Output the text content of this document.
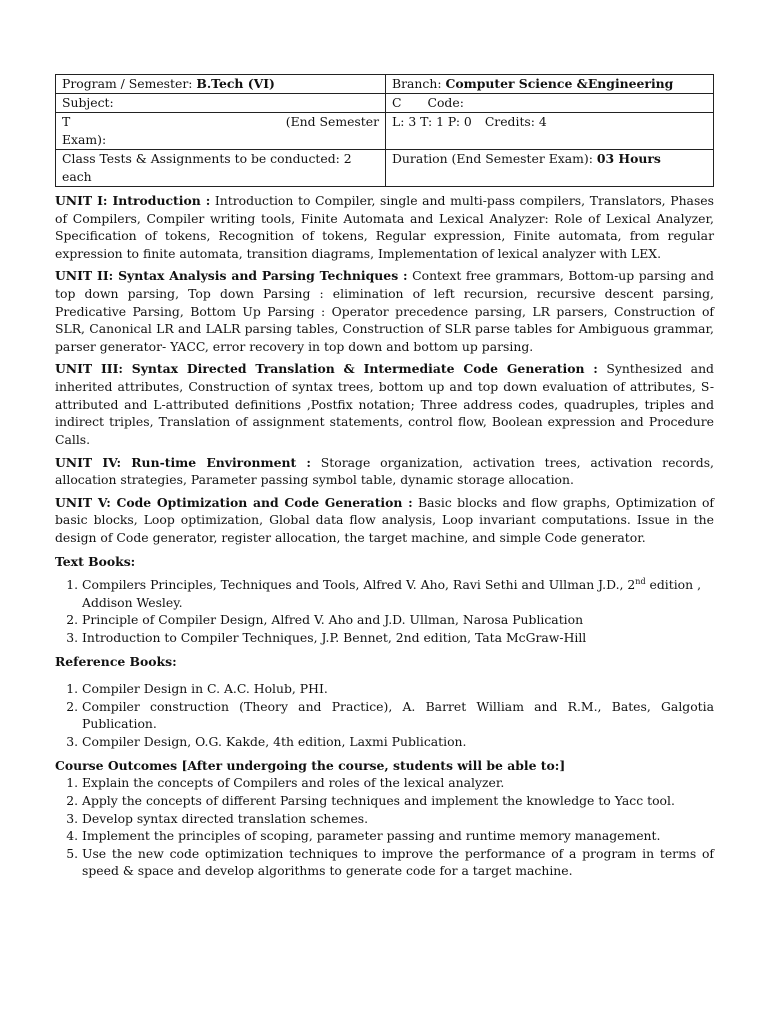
Program / Semester: B.Tech (VI)	Branch: Computer Science &Engineering
Subject:	C Code:

T (End Semester
Exam):	L: 3 T: 1 P: 0 Credits: 4
Class Tests & Assignments to be conducted: 2 each	Duration (End Semester Exam): 03 Hours

UNIT I: Introduction : Introduction to Compiler, single and multi-pass compilers, Translators, Phases of Compilers, Compiler writing tools, Finite Automata and Lexical Analyzer: Role of Lexical Analyzer, Specification of tokens, Recognition of tokens, Regular expression, Finite automata, from regular expression to finite automata, transition diagrams, Implementation of lexical analyzer with LEX.

UNIT II: Syntax Analysis and Parsing Techniques : Context free grammars, Bottom-up parsing and top down parsing, Top down Parsing : elimination of left recursion, recursive descent parsing, Predicative Parsing, Bottom Up Parsing : Operator precedence parsing, LR parsers, Construction of SLR, Canonical LR and LALR parsing tables, Construction of SLR parse tables for Ambiguous grammar, parser generator- YACC, error recovery in top down and bottom up parsing.

UNIT III: Syntax Directed Translation & Intermediate Code Generation : Synthesized and inherited attributes, Construction of syntax trees, bottom up and top down evaluation of attributes, S- attributed and L-attributed definitions ,Postfix notation; Three address codes, quadruples, triples and indirect triples, Translation of assignment statements, control flow, Boolean expression and Procedure Calls.

UNIT IV: Run-time Environment : Storage organization, activation trees, activation records, allocation strategies, Parameter passing symbol table, dynamic storage allocation.

UNIT V: Code Optimization and Code Generation : Basic blocks and flow graphs, Optimization of basic blocks, Loop optimization, Global data flow analysis, Loop invariant computations. Issue in the design of Code generator, register allocation, the target machine, and simple Code generator.

Text Books:
1. Compilers Principles, Techniques and Tools, Alfred V. Aho, Ravi Sethi and Ullman J.D., 2nd edition ,
Addison Wesley.
2. Principle of Compiler Design, Alfred V. Aho and J.D. Ullman, Narosa Publication
3. Introduction to Compiler Techniques, J.P. Bennet, 2nd edition, Tata McGraw-Hill
Reference Books:
1. Compiler Design in C. A.C. Holub, PHI.
2. Compiler construction (Theory and Practice), A. Barret William and R.M., Bates, Galgotia Publication.
3. Compiler Design, O.G. Kakde, 4th edition, Laxmi Publication.
Course Outcomes [After undergoing the course, students will be able to:]
1. Explain the concepts of Compilers and roles of the lexical analyzer.
2. Apply the concepts of different Parsing techniques and implement the knowledge to Yacc tool.
3. Develop syntax directed translation schemes.
4. Implement the principles of scoping, parameter passing and runtime memory management.
5. Use the new code optimization techniques to improve the performance of a program in terms of speed & space and develop algorithms to generate code for a target machine.
